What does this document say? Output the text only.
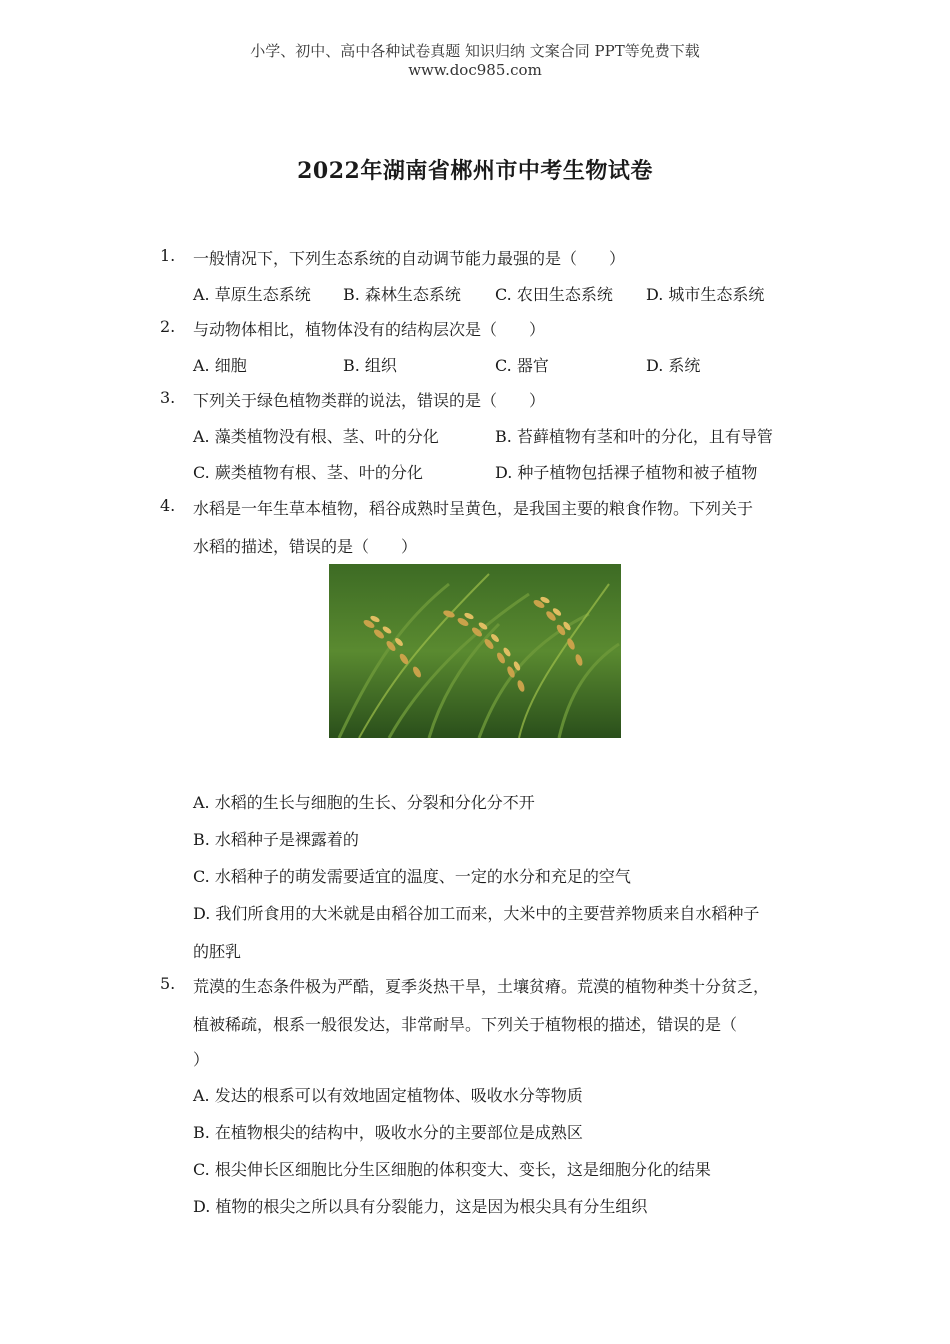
小学、初中、高中各种试卷真题 知识归纳 文案合同 PPT等免费下载
www.doc985.com
2022年湖南省郴州市中考生物试卷
1. 一般情况下，下列生态系统的自动调节能力最强的是（　　）
A. 草原生态系统 B. 森林生态系统 C. 农田生态系统 D. 城市生态系统
2. 与动物体相比，植物体没有的结构层次是（　　）
A. 细胞	B. 组织	C. 器官	D. 系统
3. 下列关于绿色植物类群的说法，错误的是（　　）
A. 藻类植物没有根、茎、叶的分化	B. 苔藓植物有茎和叶的分化，且有导管
C. 蕨类植物有根、茎、叶的分化	D. 种子植物包括裸子植物和被子植物
4. 水稻是一年生草本植物，稻谷成熟时呈黄色，是我国主要的粮食作物。下列关于
水稻的描述，错误的是（　　）
A. 水稻的生长与细胞的生长、分裂和分化分不开
B. 水稻种子是裸露着的
C. 水稻种子的萌发需要适宜的温度、一定的水分和充足的空气
D. 我们所食用的大米就是由稻谷加工而来，大米中的主要营养物质来自水稻种子
的胚乳
5. 荒漠的生态条件极为严酷，夏季炎热干旱，土壤贫瘠。荒漠的植物种类十分贫乏，
植被稀疏，根系一般很发达，非常耐旱。下列关于植物根的描述，错误的是（
）
A. 发达的根系可以有效地固定植物体、吸收水分等物质
B. 在植物根尖的结构中，吸收水分的主要部位是成熟区
C. 根尖伸长区细胞比分生区细胞的体积变大、变长，这是细胞分化的结果
D. 植物的根尖之所以具有分裂能力，这是因为根尖具有分生组织
